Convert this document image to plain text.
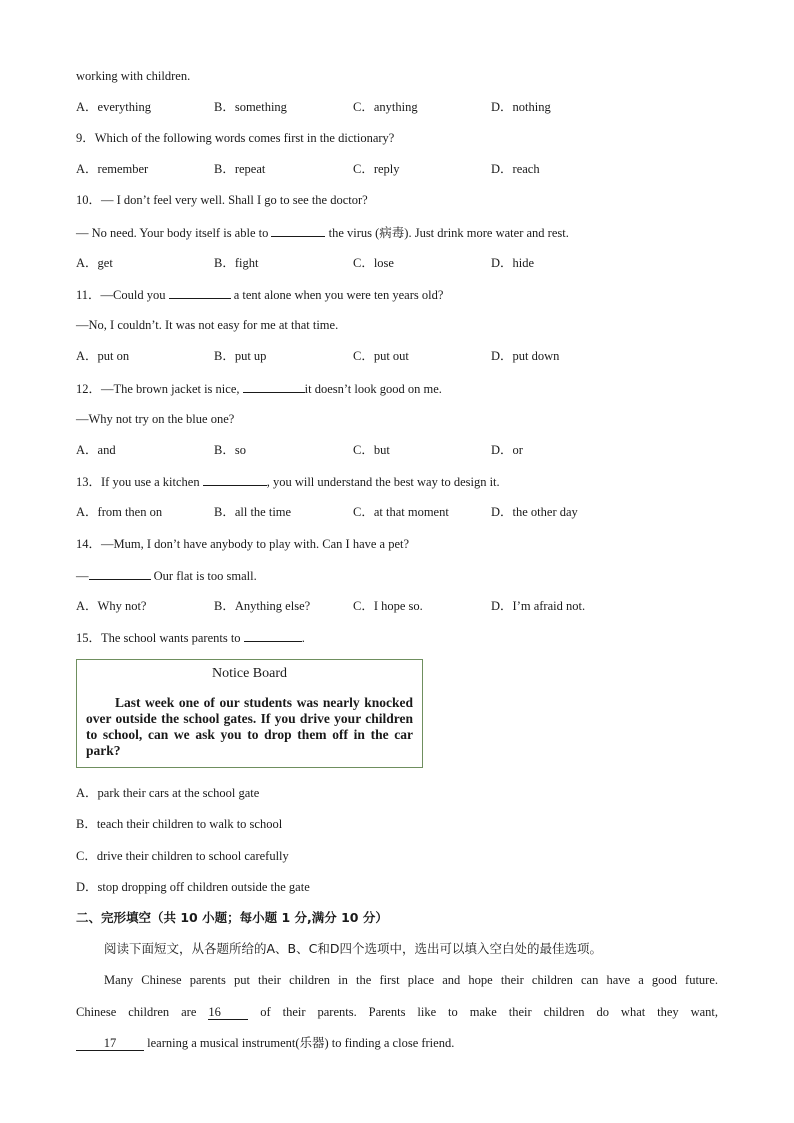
working with children.
A．everything	B．something	C．anything	D．nothing
9．Which of the following words comes first in the dictionary?
A．remember	B．repeat	C．reply	D．reach
10．— I don’t feel very well. Shall I go to see the doctor?
— No need. Your body itself is able to	the virus (病毒). Just drink more water and rest.
A．get	B．fight	C．lose	D．hide
11．—Could you	a tent alone when you were ten years old?
—No, I couldn’t. It was not easy for me at that time.
A．put on	B．put up	C．put out	D．put down
12．—The brown jacket is nice,	it doesn’t look good on me.
—Why not try on the blue one?
A．and	B．so	C．but	D．or
13．If you use a kitchen	, you will understand the best way to design it.
A．from then on	B．all the time	C．at that moment	D．the other day
14．—Mum, I don’t have anybody to play with. Can I have a pet?
—	Our flat is too small.
A．Why not?	B．Anything else?	C．I hope so.	D．I’m afraid not.
15．The school wants parents to	.
Notice Board

Last week one of our students was nearly knocked over outside the school gates. If you drive your children to school, can we ask you to drop them off in the car park?

A．park their cars at the school gate
B．teach their children to walk to school
C．drive their children to school carefully
D．stop dropping off children outside the gate
二、完形填空（共 10 小题；每小题 1 分,满分 10 分）
阅读下面短文，从各题所给的A、B、C和D四个选项中，选出可以填入空白处的最佳选项。
Many Chinese parents put their children in the first place and hope their children can have a good future.
Chinese children are 16	of their parents. Parents like to make their children do what they want,
17 learning a musical instrument(乐器) to finding a close friend.
